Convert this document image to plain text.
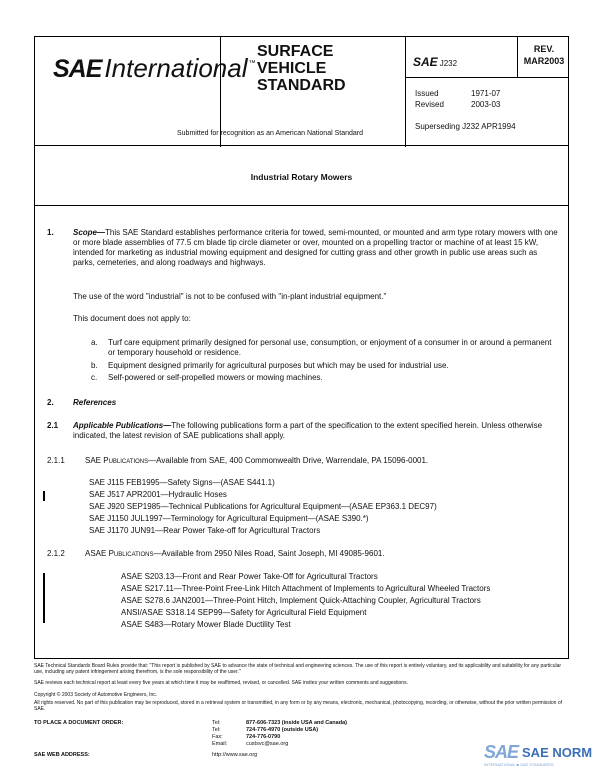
SAE International ™
SURFACE
VEHICLE
STANDARD
Submitted for recognition as an American National Standard
SAE J232
REV.
MAR2003
Issued	1971-07
Revised	2003-03
Superseding J232 APR1994
Industrial Rotary Mowers
1. Scope—This SAE Standard establishes performance criteria for towed, semi-mounted, or mounted and arm type rotary mowers with one or more blade assemblies of 77.5 cm blade tip circle diameter or over, mounted on a propelling tractor or machine of at least 15 kW, intended for marketing as industrial mowing equipment and designed for cutting grass and other growth in public use areas such as parks, cemeteries, and along roadways and highways.
The use of the word "industrial" is not to be confused with "in-plant industrial equipment."
This document does not apply to:
a. Turf care equipment primarily designed for personal use, consumption, or enjoyment of a consumer in or around a permanent or temporary household or residence.
b. Equipment designed primarily for agricultural purposes but which may be used for industrial use.
c. Self-powered or self-propelled mowers or mowing machines.
2. References
2.1 Applicable Publications—The following publications form a part of the specification to the extent specified herein. Unless otherwise indicated, the latest revision of SAE publications shall apply.
2.1.1	SAE Publications—Available from SAE, 400 Commonwealth Drive, Warrendale, PA 15096-0001.
SAE J115 FEB1995—Safety Signs—(ASAE S441.1)
SAE J517 APR2001—Hydraulic Hoses
SAE J920 SEP1985—Technical Publications for Agricultural Equipment—(ASAE EP363.1 DEC97)
SAE J1150 JUL1997—Terminology for Agricultural Equipment—(ASAE S390.*)
SAE J1170 JUN91—Rear Power Take-off for Agricultural Tractors
2.1.2	ASAE Publications—Available from 2950 Niles Road, Saint Joseph, MI 49085-9601.
ASAE S203.13—Front and Rear Power Take-Off for Agricultural Tractors
ASAE S217.11—Three-Point Free-Link Hitch Attachment of Implements to Agricultural Wheeled Tractors
ASAE S278.6 JAN2001—Three-Point Hitch, Implement Quick-Attaching Coupler, Agricultural Tractors
ANSI/ASAE S318.14 SEP99—Safety for Agricultural Field Equipment
ASAE S483—Rotary Mower Blade Ductility Test
SAE Technical Standards Board Rules provide that: "This report is published by SAE to advance the state of technical and engineering sciences. The use of this report is entirely voluntary, and its applicability and suitability for any particular use, including any patent infringement arising therefrom, is the sole responsibility of the user."
SAE reviews each technical report at least every five years at which time it may be reaffirmed, revised, or cancelled. SAE invites your written comments and suggestions.
Copyright © 2003 Society of Automotive Engineers, Inc.
All rights reserved. No part of this publication may be reproduced, stored in a retrieval system or transmitted, in any form or by any means, electronic, mechanical, photocopying, recording, or otherwise, without the prior written permission of SAE.
TO PLACE A DOCUMENT ORDER:	Tel:	877-606-7323 (inside USA and Canada)
Tel:	724-776-4970 (outside USA)
Fax:	724-776-0790
Email:	custsvc@sae.org
SAE WEB ADDRESS:	http://www.sae.org	SAE SAE NORM
INTERNATIONAL ■ SAE STANDARDS
